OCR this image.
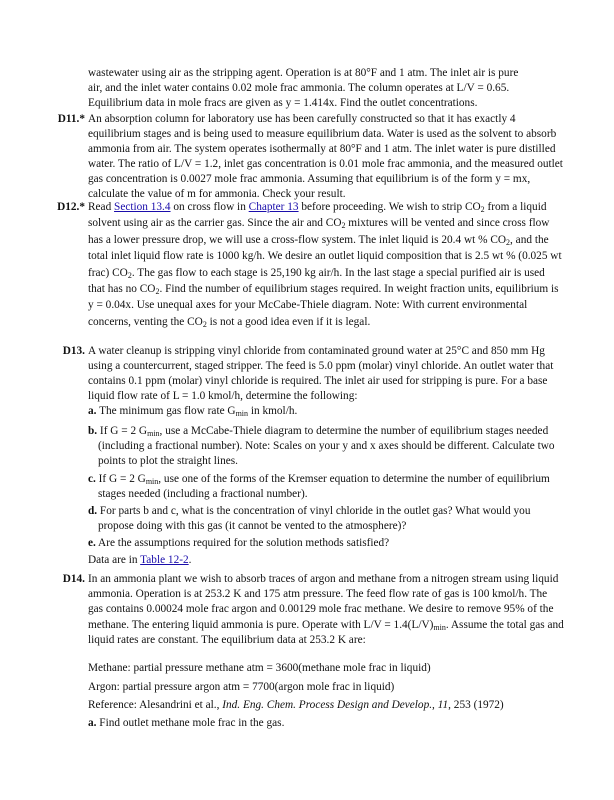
wastewater using air as the stripping agent. Operation is at 80°F and 1 atm. The inlet air is pure
air, and the inlet water contains 0.02 mole frac ammonia. The column operates at L/V = 0.65.
Equilibrium data in mole fracs are given as y = 1.414x. Find the outlet concentrations.

D11.* An absorption column for laboratory use has been carefully constructed so that it has exactly 4 equilibrium stages and is being used to measure equilibrium data. Water is used as the solvent to absorb ammonia from air. The system operates isothermally at 80°F and 1 atm. The inlet water is pure distilled water. The ratio of L/V = 1.2, inlet gas concentration is 0.01 mole frac ammonia, and the measured outlet gas concentration is 0.0027 mole frac ammonia. Assuming that equilibrium is of the form y = mx, calculate the value of m for ammonia. Check your result.

D12.* Read Section 13.4 on cross flow in Chapter 13 before proceeding. We wish to strip $CO_2$ from a liquid solvent using air as the carrier gas. Since the air and $CO_2$ mixtures will be vented and since cross flow has a lower pressure drop, we will use a cross-flow system. The inlet liquid is 20.4 wt % $CO_2$, and the total inlet liquid flow rate is 1000 kg/h. We desire an outlet liquid composition that is 2.5 wt % (0.025 wt frac) $CO_2$. The gas flow to each stage is 25,190 kg air/h. In the last stage a special purified air is used that has no $CO_2$. Find the number of equilibrium stages required. In weight fraction units, equilibrium is y = 0.04x. Use unequal axes for your McCabe-Thiele diagram. Note: With current environmental concerns, venting the $CO_2$ is not a good idea even if it is legal.

D13. A water cleanup is stripping vinyl chloride from contaminated ground water at 25°C and 850 mm Hg using a countercurrent, staged stripper. The feed is 5.0 ppm (molar) vinyl chloride. An outlet water that contains 0.1 ppm (molar) vinyl chloride is required. The inlet air used for stripping is pure. For a base liquid flow rate of L = 1.0 kmol/h, determine the following:

a. The minimum gas flow rate $G_{min}$ in kmol/h.

b. If G = 2 $G_{min}$, use a McCabe-Thiele diagram to determine the number of equilibrium stages needed (including a fractional number). Note: Scales on your y and x axes should be different. Calculate two points to plot the straight lines.

c. If G = 2 $G_{min}$, use one of the forms of the Kremser equation to determine the number of equilibrium stages needed (including a fractional number).

d. For parts b and c, what is the concentration of vinyl chloride in the outlet gas? What would you propose doing with this gas (it cannot be vented to the atmosphere)?

e. Are the assumptions required for the solution methods satisfied?

Data are in Table 12-2.

D14. In an ammonia plant we wish to absorb traces of argon and methane from a nitrogen stream using liquid ammonia. Operation is at 253.2 K and 175 atm pressure. The feed flow rate of gas is 100 kmol/h. The gas contains 0.00024 mole frac argon and 0.00129 mole frac methane. We desire to remove 95% of the methane. The entering liquid ammonia is pure. Operate with $L/V = 1.4(L/V)_{min}$. Assume the total gas and liquid rates are constant. The equilibrium data at 253.2 K are:

Methane: partial pressure methane atm = 3600(methane mole frac in liquid)

Argon: partial pressure argon atm = 7700(argon mole frac in liquid)

Reference: Alesandrini et al., Ind. Eng. Chem. Process Design and Develop., 11, 253 (1972)

a. Find outlet methane mole frac in the gas.
